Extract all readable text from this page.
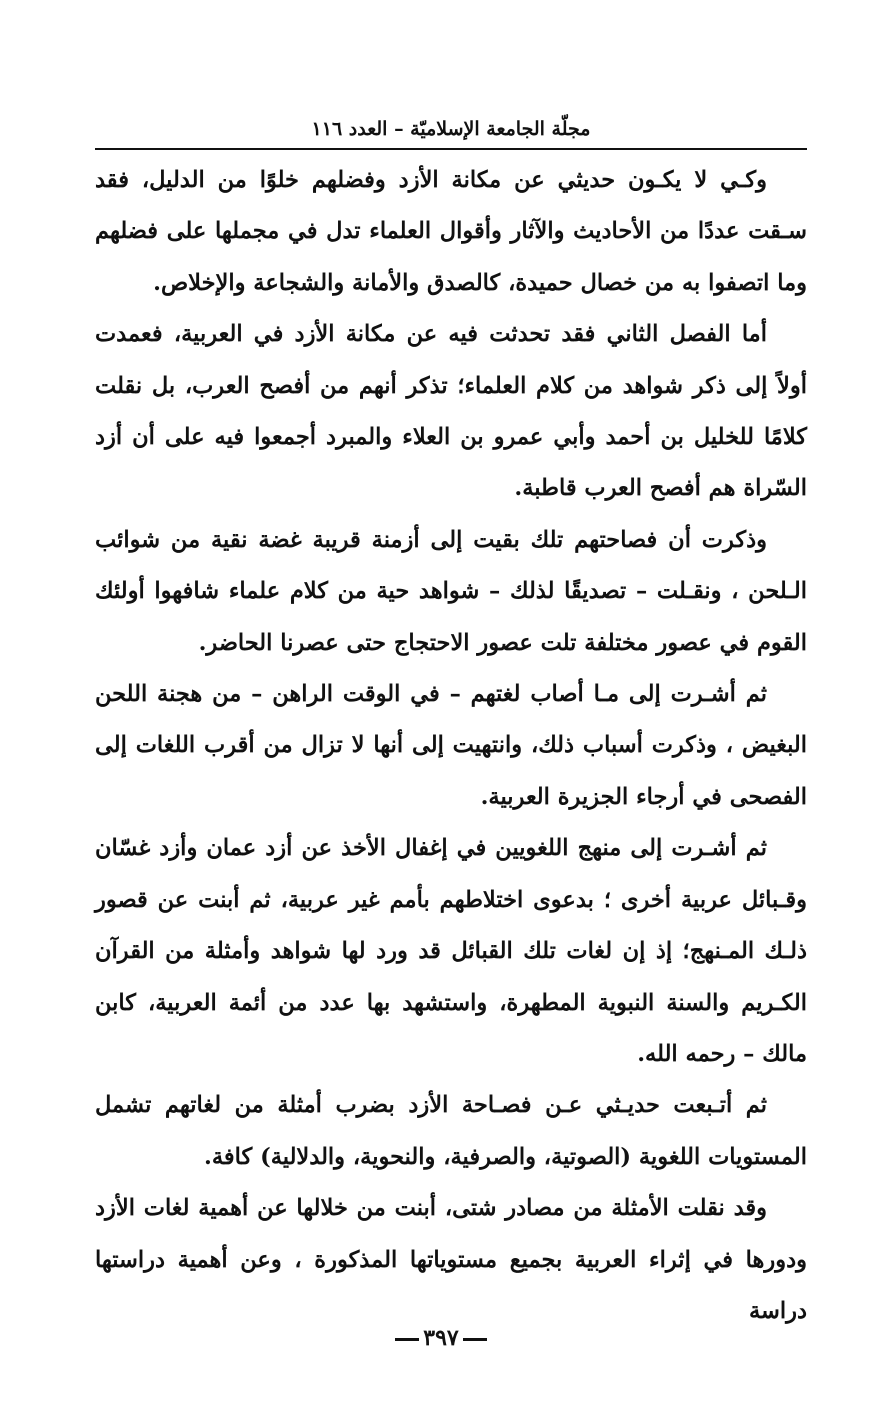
مجلّة الجامعة الإسلاميّة – العدد ١١٦

وكـي لا يكـون حديثي عن مكانة الأزد وفضلهم خلوًا من الدليل، فقد سـقت عددًا من الأحاديث والآثار وأقوال العلماء تدل في مجملها على فضلهم وما اتصفوا به من خصال حميدة، كالصدق والأمانة والشجاعة والإخلاص.

أما الفصل الثاني فقد تحدثت فيه عن مكانة الأزد في العربية، فعمدت أولاً إلى ذكر شواهد من كلام العلماء؛ تذكر أنهم من أفصح العرب، بل نقلت كلامًا للخليل بن أحمد وأبي عمرو بن العلاء والمبرد أجمعوا فيه على أن أزد السّراة هم أفصح العرب قاطبة.

وذكرت أن فصاحتهم تلك بقيت إلى أزمنة قريبة غضة نقية من شوائب الـلحن ، ونقـلت – تصديقًا لذلك – شواهد حية من كلام علماء شافهوا أولئك القوم في عصور مختلفة تلت عصور الاحتجاج حتى عصرنا الحاضر.

ثم أشـرت إلى مـا أصاب لغتهم – في الوقت الراهن – من هجنة اللحن البغيض ، وذكرت أسباب ذلك، وانتهيت إلى أنها لا تزال من أقرب اللغات إلى الفصحى في أرجاء الجزيرة العربية.

ثم أشـرت إلى منهج اللغويين في إغفال الأخذ عن أزد عمان وأزد غسّان وقـبائل عربية أخرى ؛ بدعوى اختلاطهم بأمم غير عربية، ثم أبنت عن قصور ذلـك المـنهج؛ إذ إن لغات تلك القبائل قد ورد لها شواهد وأمثلة من القرآن الكـريم والسنة النبوية المطهرة، واستشهد بها عدد من أئمة العربية، كابن مالك – رحمه الله.

ثم أتـبعت حديـثي عـن فصـاحة الأزد بضرب أمثلة من لغاتهم تشمل المستويات اللغوية (الصوتية، والصرفية، والنحوية، والدلالية) كافة.

وقد نقلت الأمثلة من مصادر شتى، أبنت من خلالها عن أهمية لغات الأزد ودورها في إثراء العربية بجميع مستوياتها المذكورة ، وعن أهمية دراستها دراسة

٣٩٧
